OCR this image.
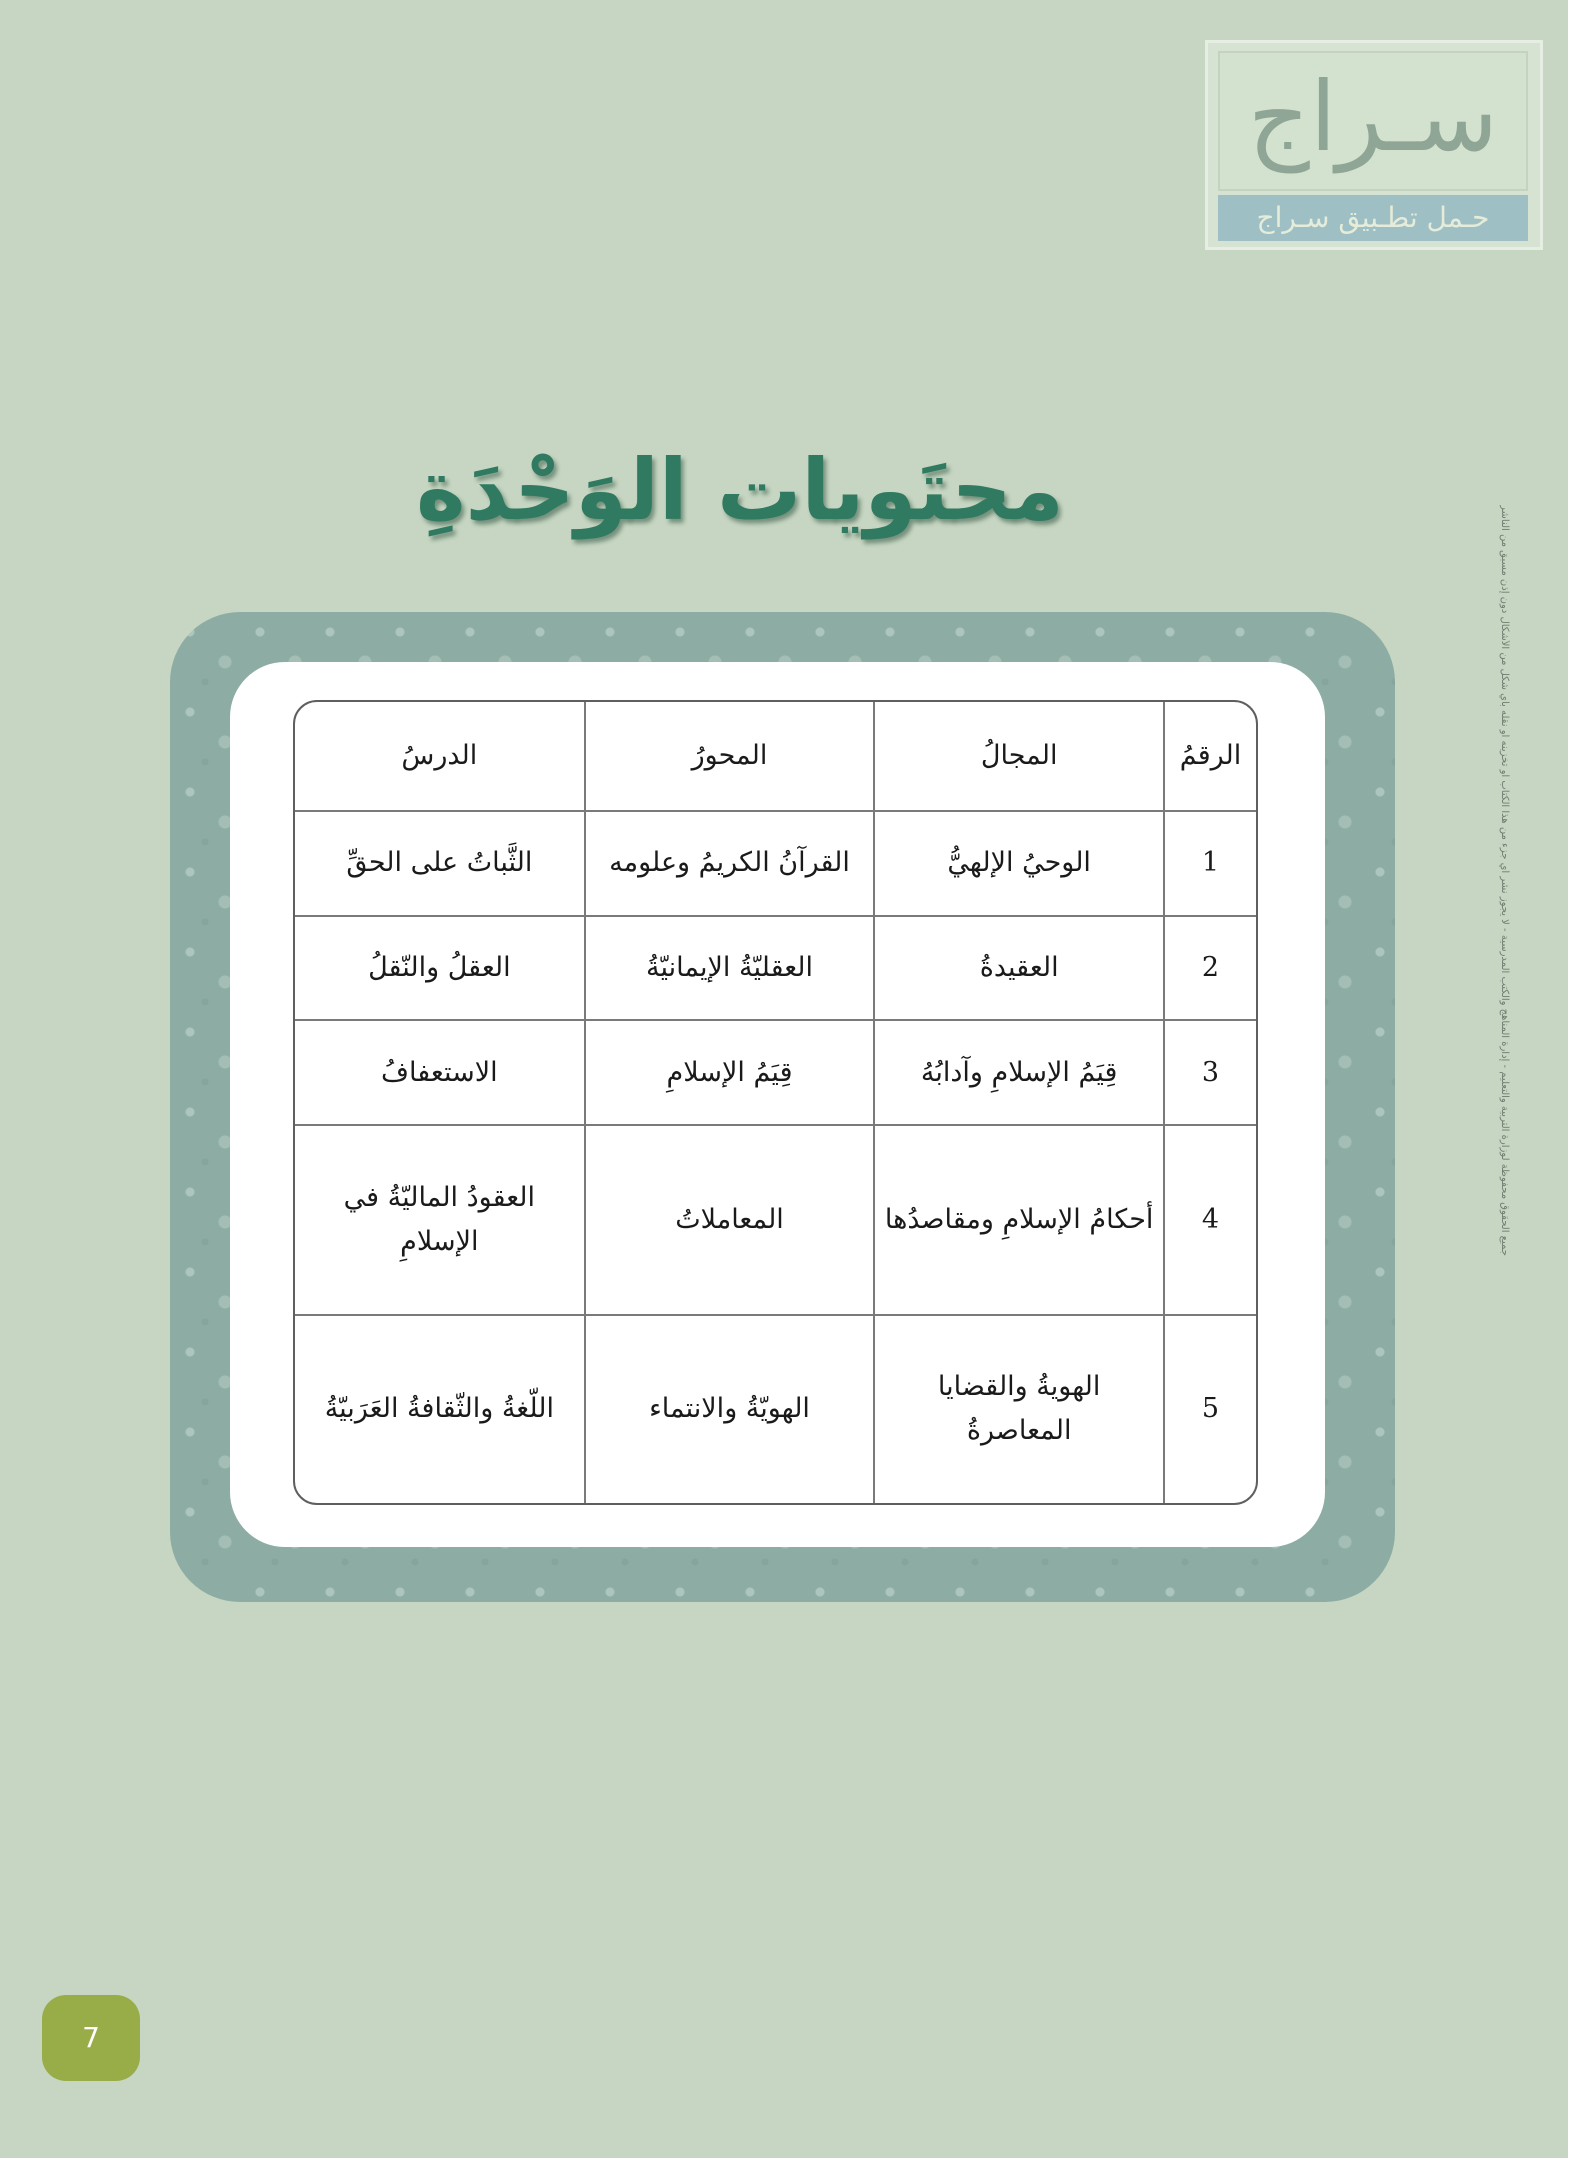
سـراج
حـمل تطـبيق سـراج
جميع الحقوق محفوظة لوزارة التربية والتعليم - إدارة المناهج والكتب المدرسية - لا يجوز نشر أي جزء من هذا الكتاب أو تخزينه أو نقله بأي شكل من الأشكال دون إذن مسبق من الناشر
محتَويات الوَحْدَةِ
الرقمُ	المجالُ	المحورُ	الدرسُ
1	الوحيُ الإلهيُّ	القرآنُ الكريمُ وعلومه	الثَّباتُ على الحقِّ
2	العقيدةُ	العقليّةُ الإيمانيّةُ	العقلُ والنّقلُ
3	قِيَمُ الإسلامِ وآدابُهُ	قِيَمُ الإسلامِ	الاستعفافُ
4	أحكامُ الإسلامِ ومقاصدُها	المعاملاتُ	العقودُ الماليّةُ في الإسلامِ
5	الهويةُ والقضايا المعاصرةُ	الهويّةُ والانتماء	اللّغةُ والثّقافةُ العَرَبيّةُ
7
